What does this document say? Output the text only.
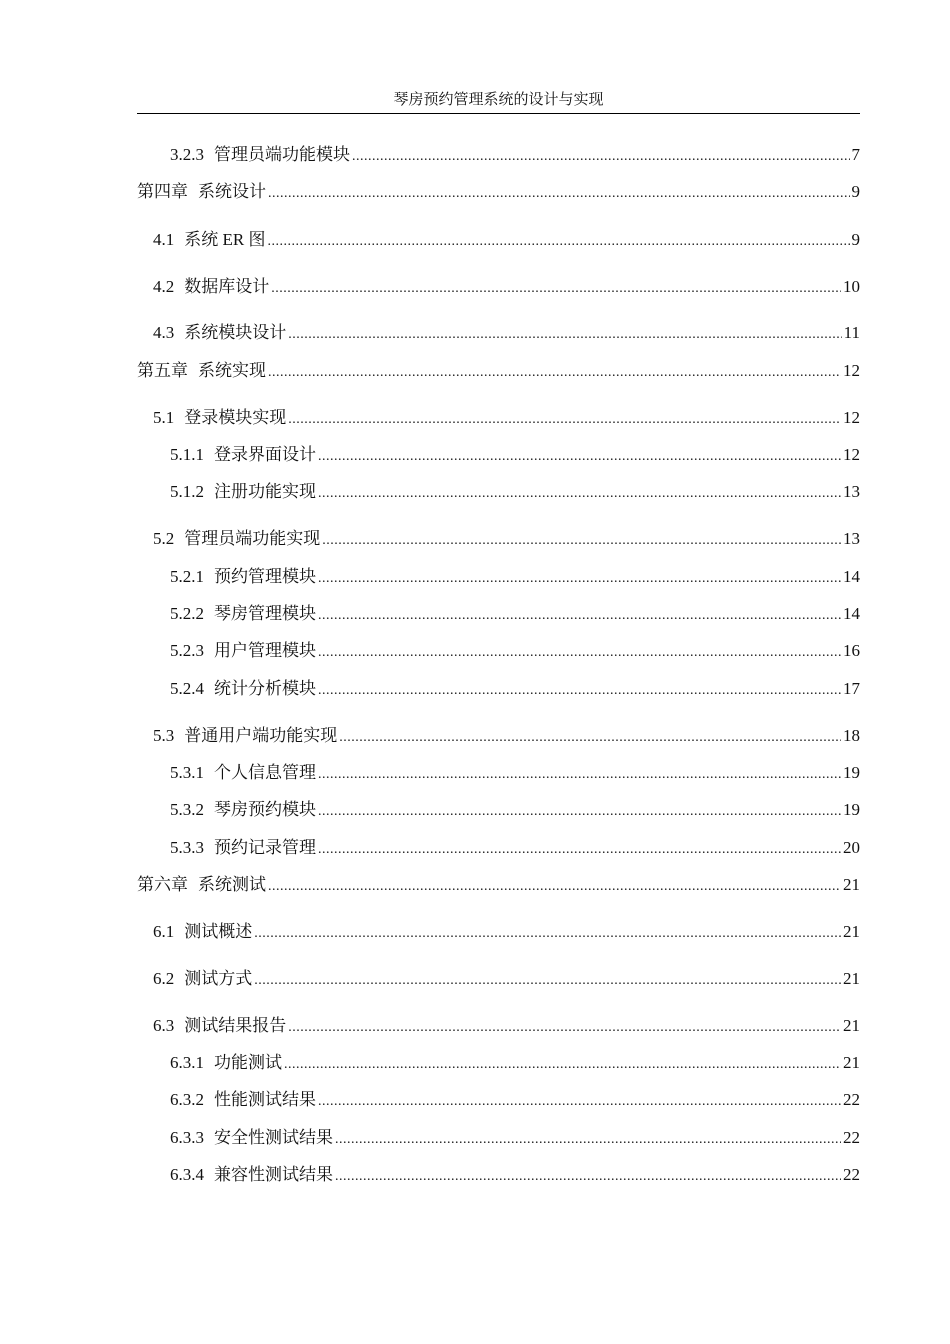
琴房预约管理系统的设计与实现
3.2.3 管理员端功能模块 .....	7
第四章 系统设计 .....	9
4.1 系统 ER 图 .....	9
4.2 数据库设计 .....	10
4.3 系统模块设计 .....	11
第五章 系统实现 .....	12
5.1 登录模块实现 .....	12
5.1.1 登录界面设计 .....	12
5.1.2 注册功能实现 .....	13
5.2 管理员端功能实现 .....	13
5.2.1 预约管理模块 .....	14
5.2.2 琴房管理模块 .....	14
5.2.3 用户管理模块 .....	16
5.2.4 统计分析模块 .....	17
5.3 普通用户端功能实现 .....	18
5.3.1 个人信息管理 .....	19
5.3.2 琴房预约模块 .....	19
5.3.3 预约记录管理 .....	20
第六章 系统测试 .....	21
6.1 测试概述 .....	21
6.2 测试方式 .....	21
6.3 测试结果报告 .....	21
6.3.1 功能测试 .....	21
6.3.2 性能测试结果 .....	22
6.3.3 安全性测试结果 .....	22
6.3.4 兼容性测试结果 .....	22
